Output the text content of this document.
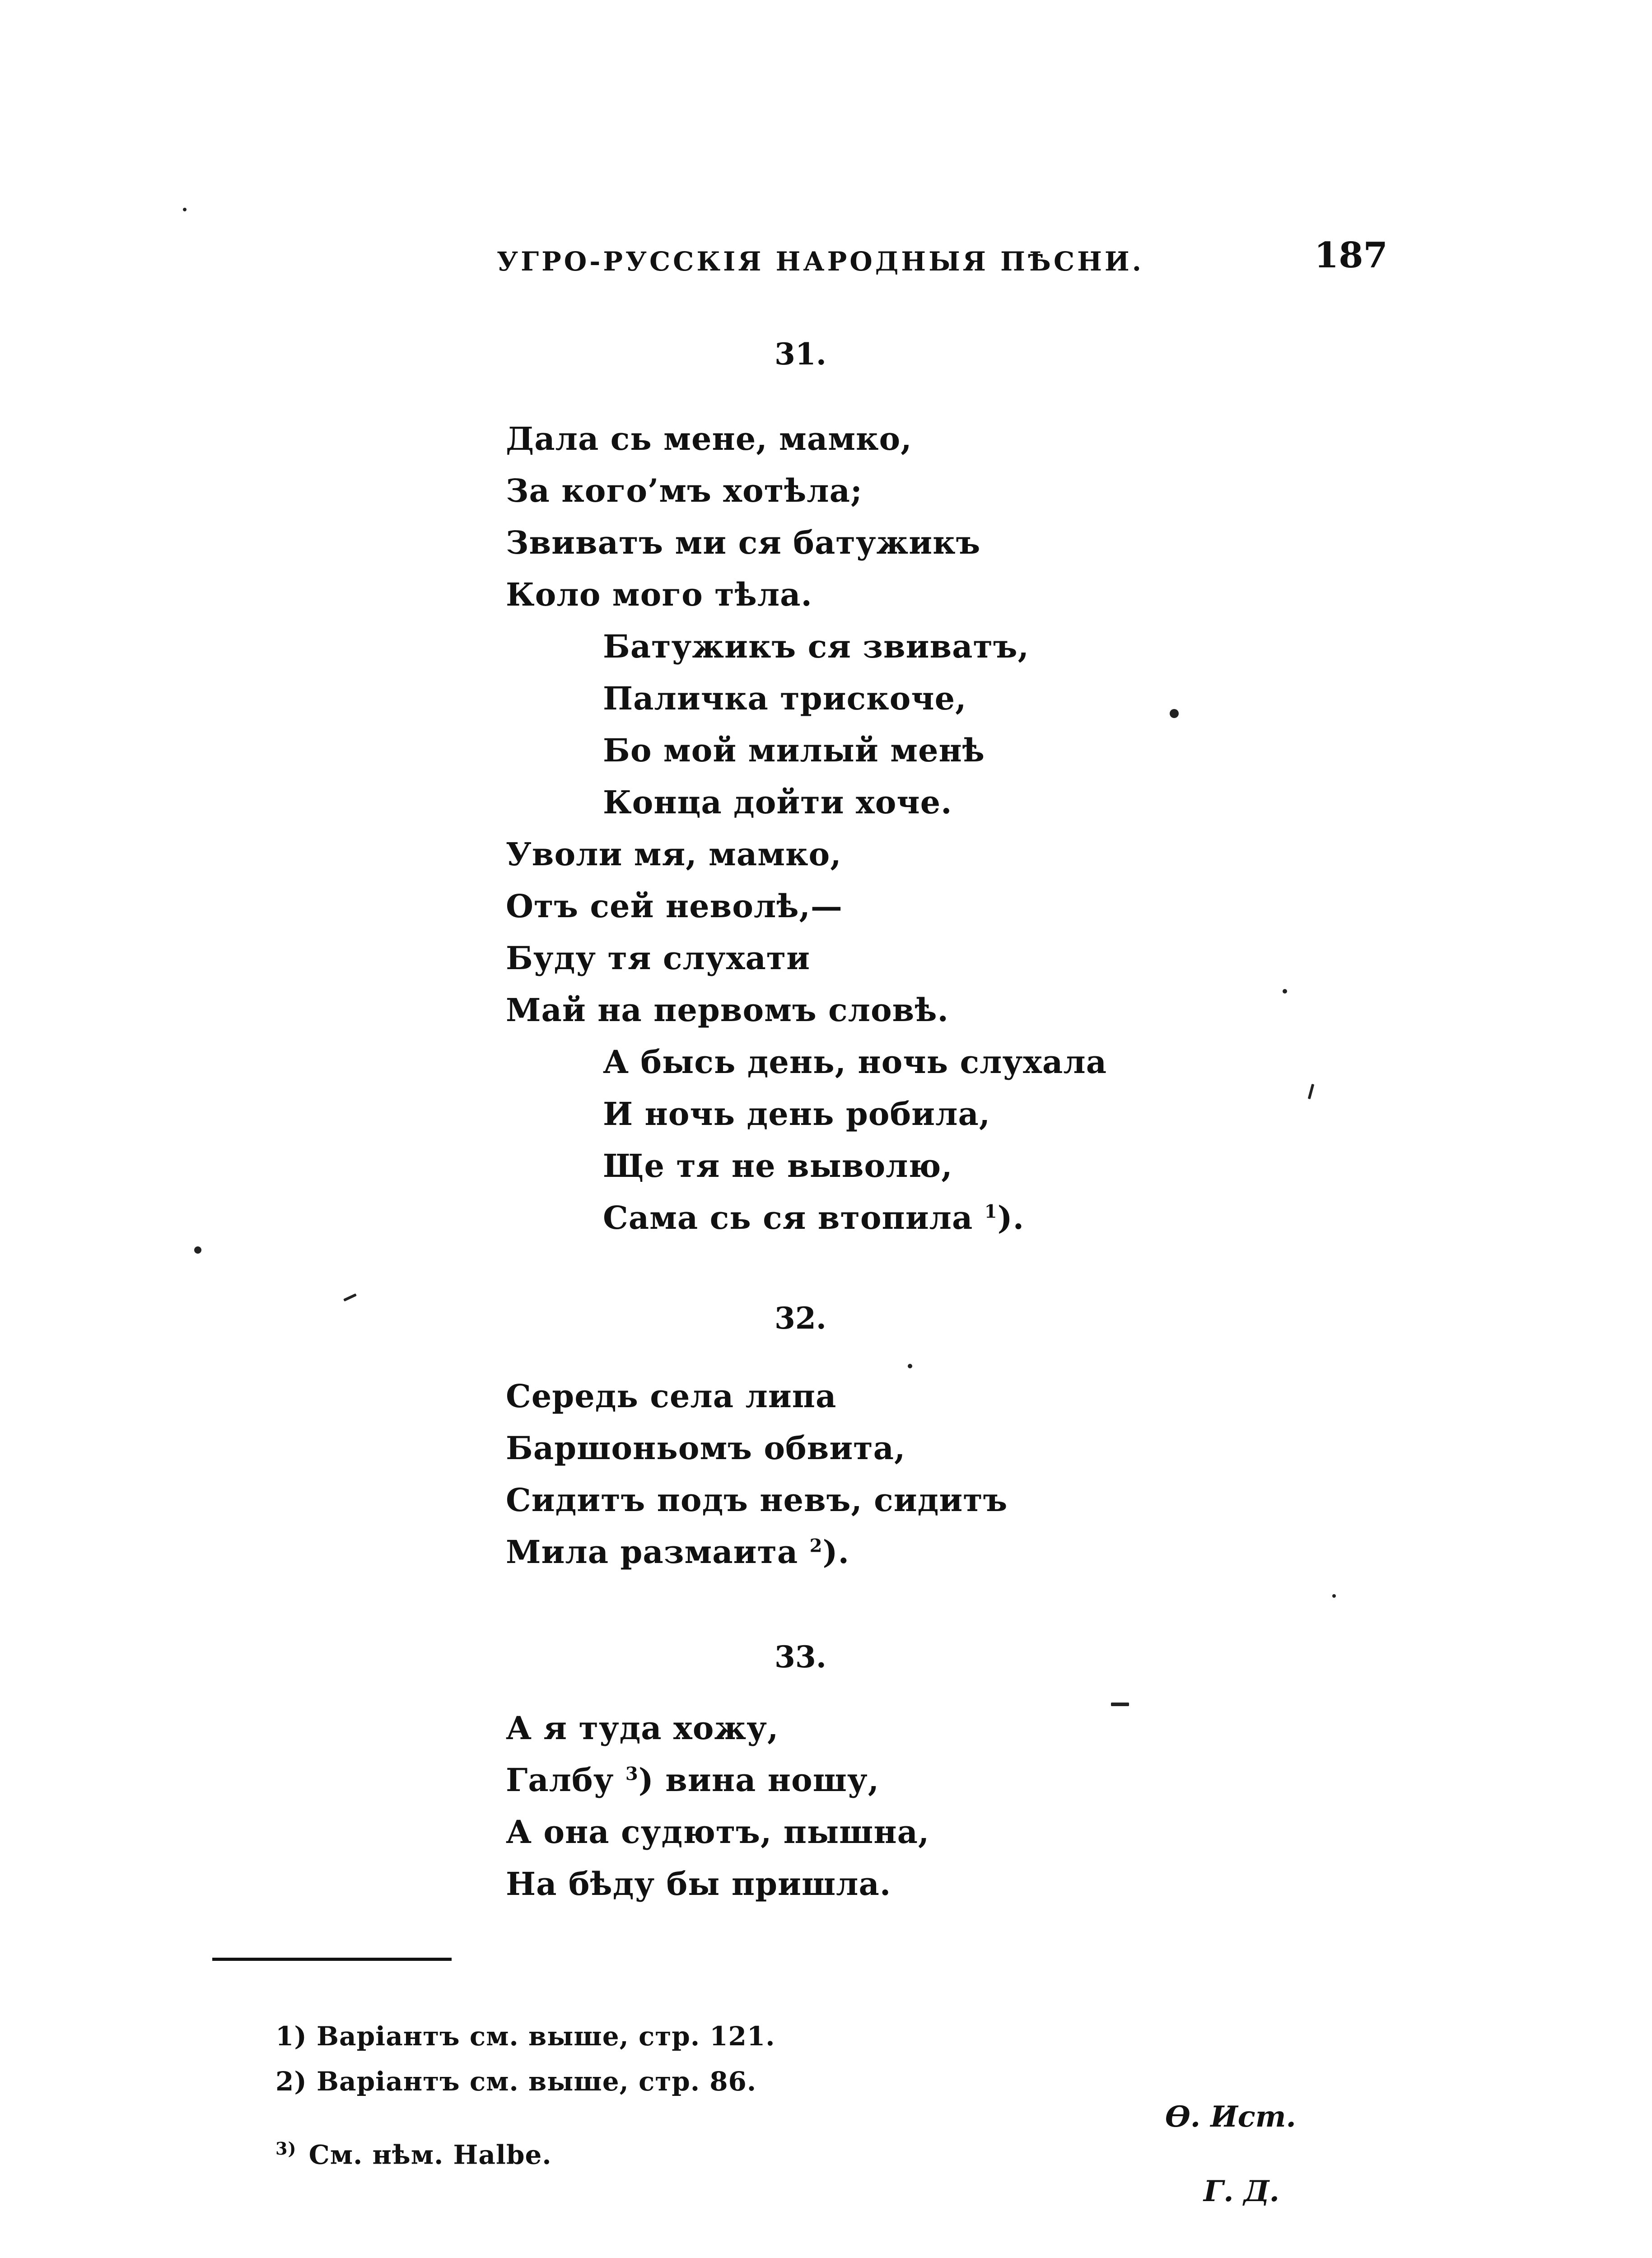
УГРО-РУССКІЯ НАРОДНЫЯ ПѢСНИ.	187
31.
Дала сь мене, мамко,
За кого’мъ хотѣла;
Звиватъ ми ся батужикъ
Коло мого тѣла.
Батужикъ ся звиватъ,
Паличка трискоче,
Бо мой милый менѣ
Конца дойти хоче.
Уволи мя, мамко,
Отъ сей неволѣ,—
Буду тя слухати
Май на первомъ словѣ.
А бысь день, ночь слухала
И ночь день робила,
Ще тя не выволю,
Сама сь ся втопила $^1$).
32.
Середь села липа
Баршоньомъ обвита,
Сидитъ подъ невъ, сидитъ
Мила размаита $^2$).
33.
А я туда хожу,
Галбу $^3$) вина ношу,
А она судютъ, пышна,
На бѣду бы пришла.
1) Варіантъ см. выше, стр. 121.
2) Варіантъ см. выше, стр. 86.
$^{3)}$ См. нѣм. Halbe.
Ѳ. Ист.
Г. Д.
